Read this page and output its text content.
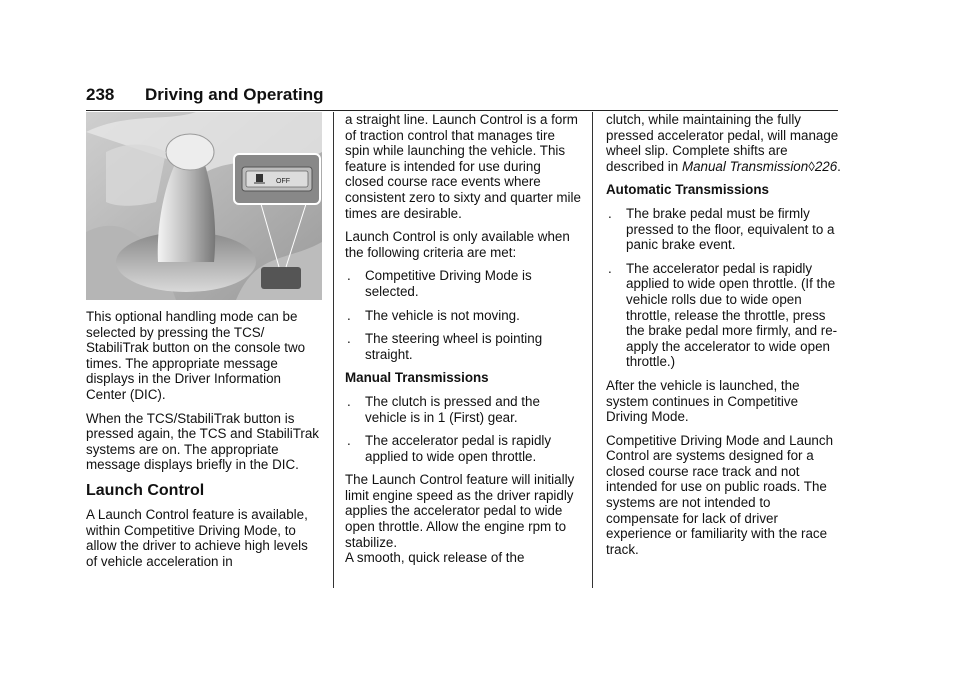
238 Driving and Operating
OFF

This optional handling mode can be selected by pressing the TCS/ StabiliTrak button on the console two times. The appropriate message displays in the Driver Information Center (DIC).

When the TCS/StabiliTrak button is pressed again, the TCS and StabiliTrak systems are on. The appropriate message displays briefly in the DIC.

Launch Control

A Launch Control feature is available, within Competitive Driving Mode, to allow the driver to achieve high levels of vehicle acceleration in

a straight line. Launch Control is a form of traction control that manages tire spin while launching the vehicle. This feature is intended for use during closed course race events where consistent zero to sixty and quarter mile times are desirable.

Launch Control is only available when the following criteria are met:

. Competitive Driving Mode is selected.
. The vehicle is not moving.
. The steering wheel is pointing straight.
Manual Transmissions
. The clutch is pressed and the vehicle is in 1 (First) gear.
. The accelerator pedal is rapidly applied to wide open throttle.

The Launch Control feature will initially limit engine speed as the driver rapidly applies the accelerator pedal to wide open throttle. Allow the engine rpm to stabilize.

A smooth, quick release of the

clutch, while maintaining the fully pressed accelerator pedal, will manage wheel slip. Complete shifts are described in Manual Transmission◊226.

Automatic Transmissions
. The brake pedal must be firmly pressed to the floor, equivalent to a panic brake event.
. The accelerator pedal is rapidly applied to wide open throttle. (If the vehicle rolls due to wide open throttle, release the throttle, press the brake pedal more firmly, and re-apply the accelerator to wide open throttle.)

After the vehicle is launched, the system continues in Competitive Driving Mode.

Competitive Driving Mode and Launch Control are systems designed for a closed course race track and not intended for use on public roads. The systems are not intended to compensate for lack of driver experience or familiarity with the race track.
